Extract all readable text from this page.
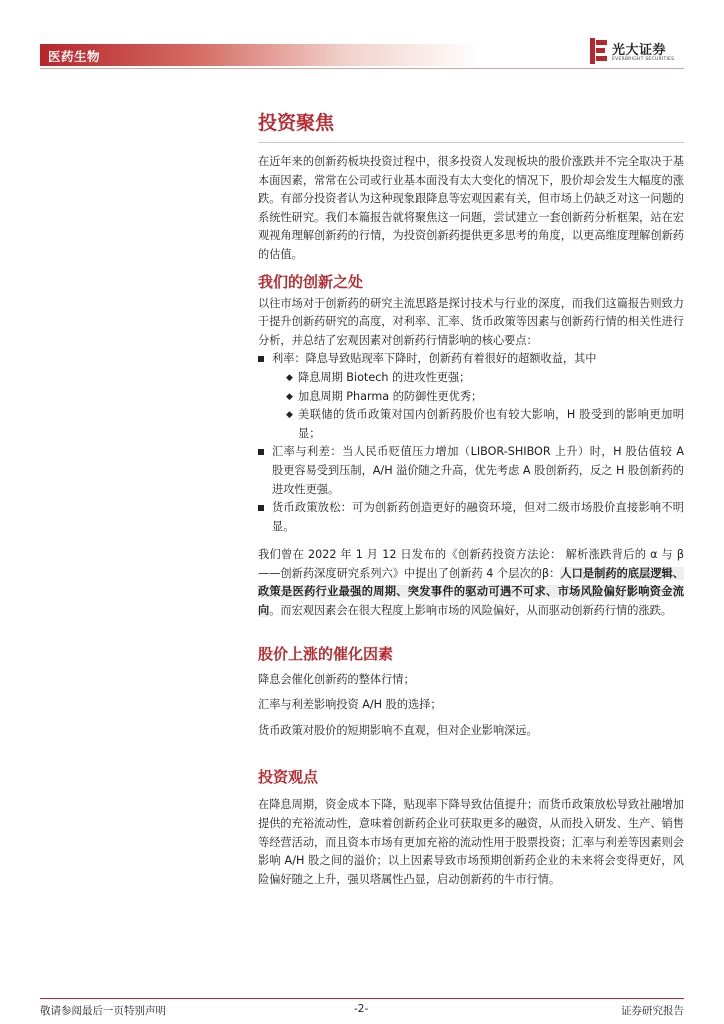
医药生物	光大证券
EVERBRIGHT SECURITIES
投资聚焦

在近年来的创新药板块投资过程中，很多投资人发现板块的股价涨跌并不完全取决于基本面因素，常常在公司或行业基本面没有太大变化的情况下，股价却会发生大幅度的涨跌。有部分投资者认为这种现象跟降息等宏观因素有关，但市场上仍缺乏对这一问题的系统性研究。我们本篇报告就将聚焦这一问题，尝试建立一套创新药分析框架，站在宏观视角理解创新药的行情，为投资创新药提供更多思考的角度，以更高维度理解创新药的估值。

我们的创新之处

以往市场对于创新药的研究主流思路是探讨技术与行业的深度，而我们这篇报告则致力于提升创新药研究的高度，对利率、汇率、货币政策等因素与创新药行情的相关性进行分析，并总结了宏观因素对创新药行情影响的核心要点：

利率：降息导致贴现率下降时，创新药有着很好的超额收益，其中
◆ 降息周期 Biotech 的进攻性更强；
◆ 加息周期 Pharma 的防御性更优秀；
◆ 美联储的货币政策对国内创新药股价也有较大影响，H 股受到的影响更加明显；
汇率与利差：当人民币贬值压力增加（LIBOR-SHIBOR 上升）时，H 股估值较 A 股更容易受到压制，A/H 溢价随之升高，优先考虑 A 股创新药，反之 H 股创新药的进攻性更强。
货币政策放松：可为创新药创造更好的融资环境，但对二级市场股价直接影响不明显。

我们曾在 2022 年 1 月 12 日发布的《创新药投资方法论： 解析涨跌背后的 α 与 β——创新药深度研究系列六》中提出了创新药 4 个层次的β：人口是制药的底层逻辑、政策是医药行业最强的周期、突发事件的驱动可遇不可求、市场风险偏好影响资金流向。而宏观因素会在很大程度上影响市场的风险偏好，从而驱动创新药行情的涨跌。

股价上涨的催化因素
降息会催化创新药的整体行情；
汇率与利差影响投资 A/H 股的选择；
货币政策对股价的短期影响不直观，但对企业影响深远。
投资观点

在降息周期，资金成本下降，贴现率下降导致估值提升；而货币政策放松导致社融增加提供的充裕流动性，意味着创新药企业可获取更多的融资，从而投入研发、生产、销售等经营活动，而且资本市场有更加充裕的流动性用于股票投资；汇率与利差等因素则会影响 A/H 股之间的溢价；以上因素导致市场预期创新药企业的未来将会变得更好，风险偏好随之上升，强贝塔属性凸显，启动创新药的牛市行情。

敬请参阅最后一页特别声明	-2-	证券研究报告
